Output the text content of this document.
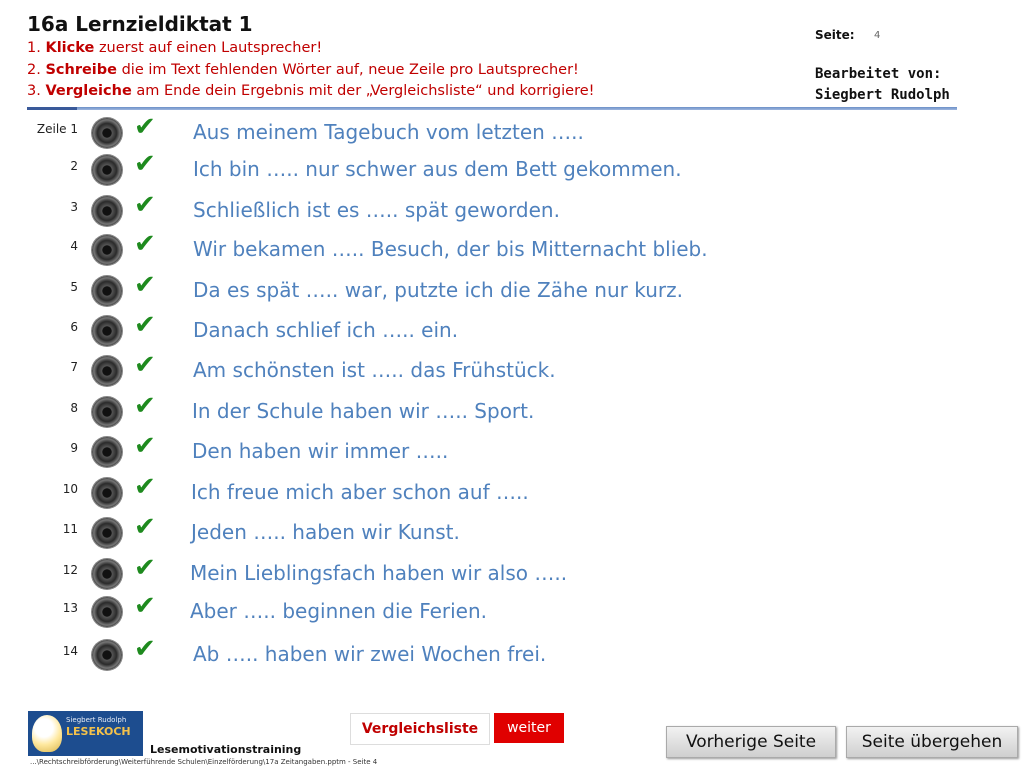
16a Lernzieldiktat 1
1. Klicke zuerst auf einen Lautsprecher!
2. Schreibe die im Text fehlenden Wörter auf, neue Zeile pro Lautsprecher!
3. Vergleiche am Ende dein Ergebnis mit der „Vergleichsliste“ und korrigiere!
Seite: 4
Bearbeitet von:
Siegbert Rudolph
Zeile 1 ✔ Aus meinem Tagebuch vom letzten …..
2 ✔ Ich bin ….. nur schwer aus dem Bett gekommen.
3 ✔ Schließlich ist es ….. spät geworden.
4 ✔ Wir bekamen ….. Besuch, der bis Mitternacht blieb.
5 ✔ Da es spät ….. war, putzte ich die Zähe nur kurz.
6 ✔ Danach schlief ich ….. ein.
7 ✔ Am schönsten ist ….. das Frühstück.
8 ✔ In der Schule haben wir ….. Sport.
9 ✔ Den haben wir immer …..
10 ✔ Ich freue mich aber schon auf …..
11 ✔ Jeden ….. haben wir Kunst.
12 ✔ Mein Lieblingsfach haben wir also …..
13 ✔ Aber ….. beginnen die Ferien.
14 ✔ Ab ….. haben wir zwei Wochen frei.
Siegbert Rudolph
LESEKOCH
Lesemotivationstraining
...\Rechtschreibförderung\Weiterführende Schulen\Einzelförderung\17a Zeitangaben.pptm - Seite 4
Vergleichsliste	weiter
Vorherige Seite	Seite übergehen
